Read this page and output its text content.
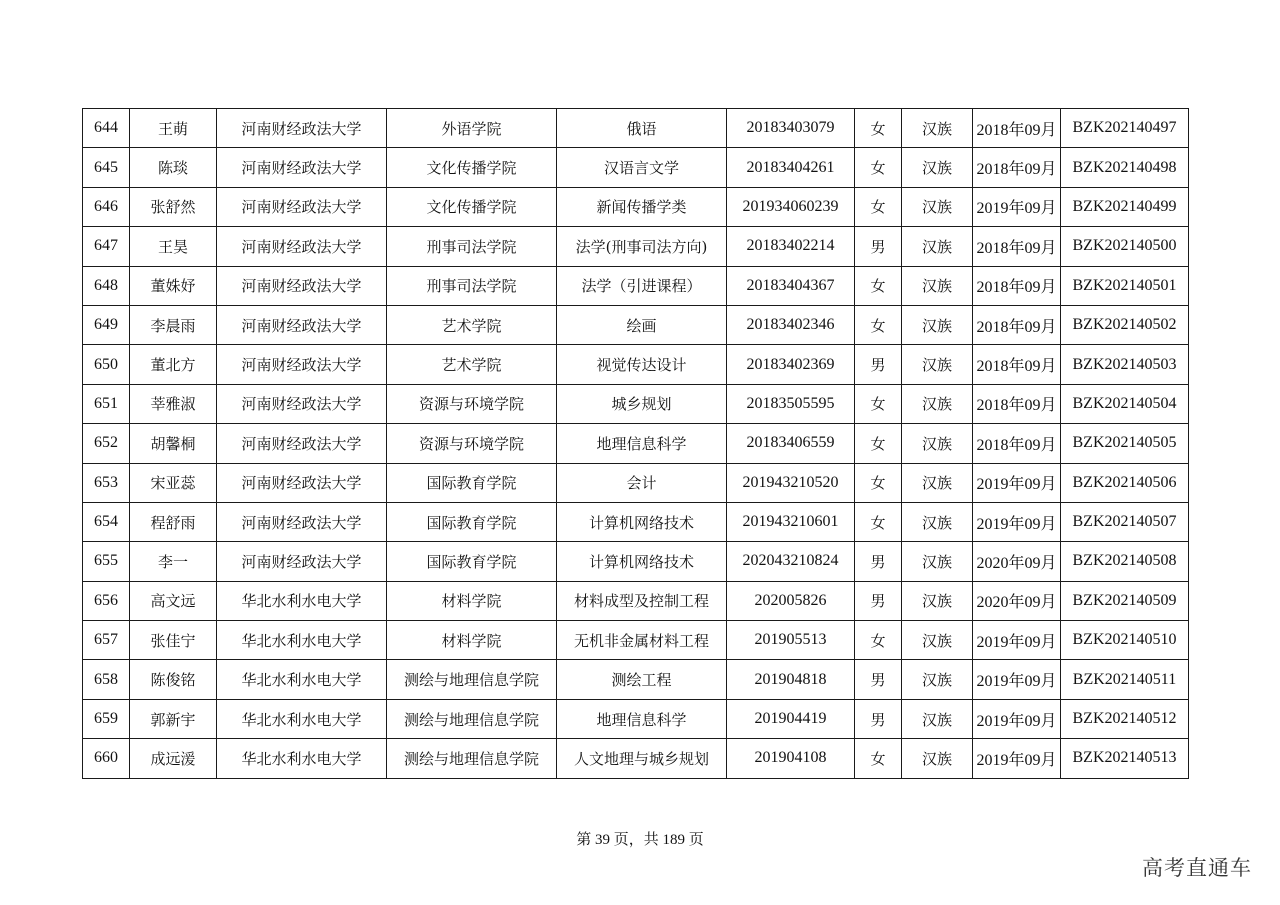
644	王萌	河南财经政法大学	外语学院	俄语	20183403079	女	汉族	2018年09月	BZK202140497
645	陈琰	河南财经政法大学	文化传播学院	汉语言文学	20183404261	女	汉族	2018年09月	BZK202140498
646	张舒然	河南财经政法大学	文化传播学院	新闻传播学类	201934060239	女	汉族	2019年09月	BZK202140499
647	王昊	河南财经政法大学	刑事司法学院	法学(刑事司法方向)	20183402214	男	汉族	2018年09月	BZK202140500
648	董姝妤	河南财经政法大学	刑事司法学院	法学（引进课程）	20183404367	女	汉族	2018年09月	BZK202140501
649	李晨雨	河南财经政法大学	艺术学院	绘画	20183402346	女	汉族	2018年09月	BZK202140502
650	董北方	河南财经政法大学	艺术学院	视觉传达设计	20183402369	男	汉族	2018年09月	BZK202140503
651	莘雅淑	河南财经政法大学	资源与环境学院	城乡规划	20183505595	女	汉族	2018年09月	BZK202140504
652	胡馨桐	河南财经政法大学	资源与环境学院	地理信息科学	20183406559	女	汉族	2018年09月	BZK202140505
653	宋亚蕊	河南财经政法大学	国际教育学院	会计	201943210520	女	汉族	2019年09月	BZK202140506
654	程舒雨	河南财经政法大学	国际教育学院	计算机网络技术	201943210601	女	汉族	2019年09月	BZK202140507
655	李一	河南财经政法大学	国际教育学院	计算机网络技术	202043210824	男	汉族	2020年09月	BZK202140508
656	高文远	华北水利水电大学	材料学院	材料成型及控制工程	202005826	男	汉族	2020年09月	BZK202140509
657	张佳宁	华北水利水电大学	材料学院	无机非金属材料工程	201905513	女	汉族	2019年09月	BZK202140510
658	陈俊铭	华北水利水电大学	测绘与地理信息学院	测绘工程	201904818	男	汉族	2019年09月	BZK202140511
659	郭新宇	华北水利水电大学	测绘与地理信息学院	地理信息科学	201904419	男	汉族	2019年09月	BZK202140512
660	成远湲	华北水利水电大学	测绘与地理信息学院	人文地理与城乡规划	201904108	女	汉族	2019年09月	BZK202140513
第 39 页，共 189 页
高考直通车
